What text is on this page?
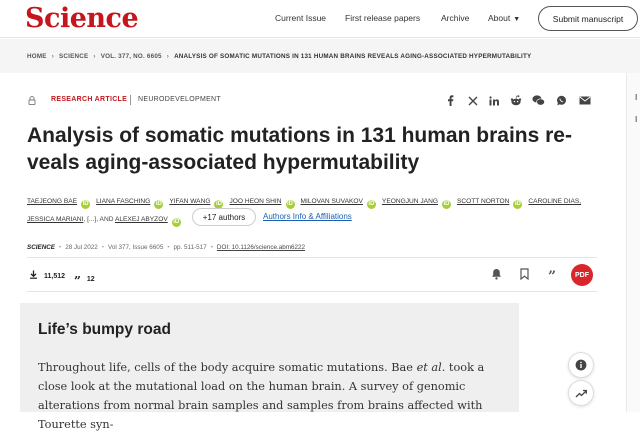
Science	Current Issue First release papers Archive About ▼	Submit manuscript
HOME › SCIENCE › VOL. 377, NO. 6605 › ANALYSIS OF SOMATIC MUTATIONS IN 131 HUMAN BRAINS REVEALS AGING-ASSOCIATED HYPERMUTABILITY
I
I
RESEARCH ARTICLE NEURODEVELOPMENT
Analysis of somatic mutations in 131 human brains re-veals aging-associated hypermutability
TAEJEONG BAE iD LIANA FASCHING iD YIFAN WANG iD JOO HEON SHIN iD MILOVAN SUVAKOV iD YEONGJUN JANG iD SCOTT NORTON iD CAROLINE DIAS,
JESSICA MARIANI, [...], AND ALEXEJ ABYZOV iD
+17 authors	Authors Info & Affiliations
SCIENCE • 28 Jul 2022 • Vol 377, Issue 6605 • pp. 511-517 • DOI: 10.1126/science.abm6222
11,512 ” 12	”	PDF
Life’s bumpy road

Throughout life, cells of the body acquire somatic mutations. Bae et al. took a close look at the mutational load on the human brain. A survey of genomic alterations from normal brain samples and samples from brains affected with Tourette syn-
